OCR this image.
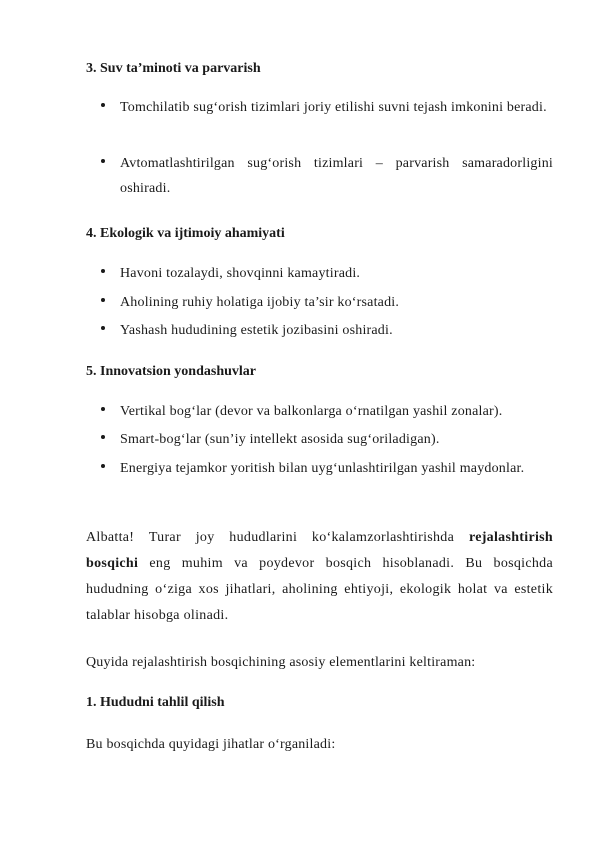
3. Suv ta’minoti va parvarish
Tomchilatib sug‘orish tizimlari joriy etilishi suvni tejash imkonini beradi.
Avtomatlashtirilgan sug‘orish tizimlari – parvarish samaradorligini oshiradi.
4. Ekologik va ijtimoiy ahamiyati
Havoni tozalaydi, shovqinni kamaytiradi.
Aholining ruhiy holatiga ijobiy ta’sir ko‘rsatadi.
Yashash hududining estetik jozibasini oshiradi.
5. Innovatsion yondashuvlar
Vertikal bog‘lar (devor va balkonlarga o‘rnatilgan yashil zonalar).
Smart-bog‘lar (sun’iy intellekt asosida sug‘oriladigan).
Energiya tejamkor yoritish bilan uyg‘unlashtirilgan yashil maydonlar.
Albatta! Turar joy hududlarini ko‘kalamzorlashtirishda rejalashtirish bosqichi eng muhim va poydevor bosqich hisoblanadi. Bu bosqichda hududning o‘ziga xos jihatlari, aholining ehtiyoji, ekologik holat va estetik talablar hisobga olinadi.
Quyida rejalashtirish bosqichining asosiy elementlarini keltiraman:
1. Hududni tahlil qilish
Bu bosqichda quyidagi jihatlar o‘rganiladi:
